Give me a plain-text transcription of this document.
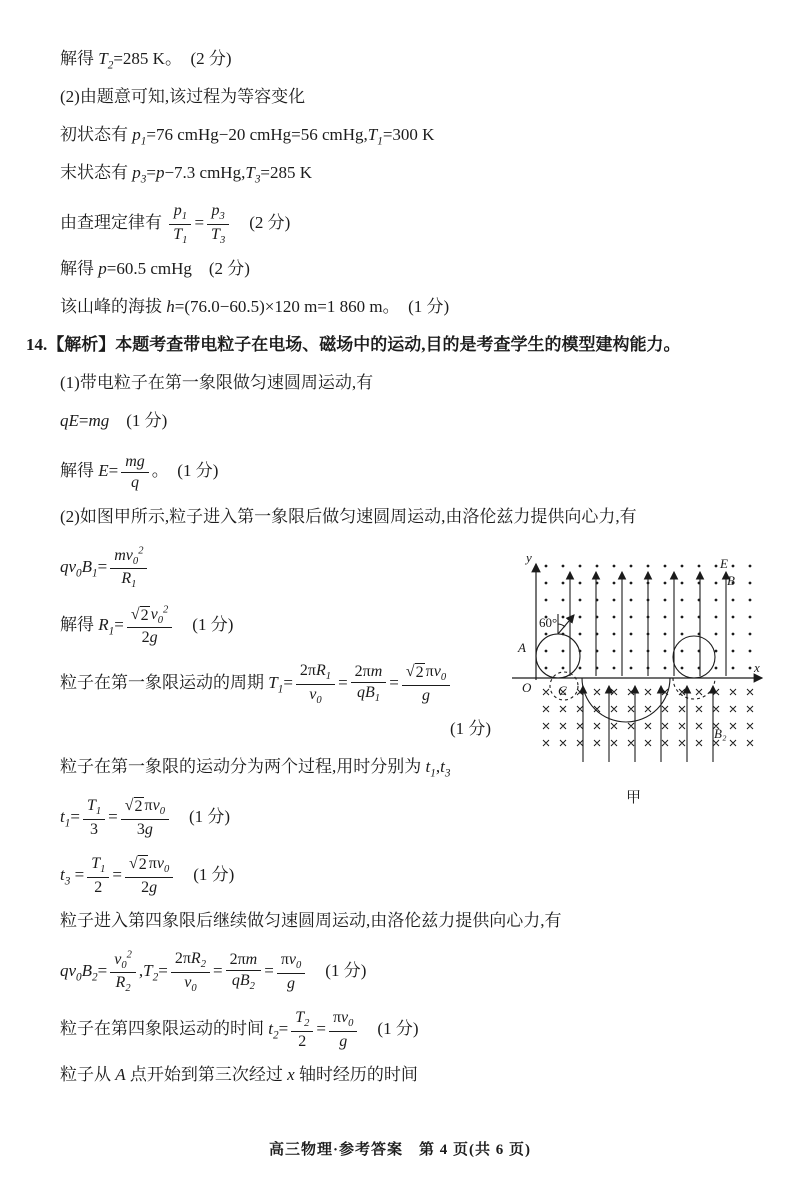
解得 $T_2=285$ K。　(2 分)
(2)由题意可知,该过程为等容变化
初状态有 $p_1=76$ cmHg−20 cmHg=56 $cmHg,T_1=300$ K
末状态有 $p_3=p-7.3$ $cmHg,T_3=285$ K
由查理定律有 $\frac{p_1}{T_1} = \frac{p_3}{T_3}$ 　(2 分)
解得 p=60.5 cmHg　(2 分)
该山峰的海拔 h=(76.0−60.5)×120 m=1 860 m。　(1 分)
14.【解析】本题考查带电粒子在电场、磁场中的运动,目的是考查学生的模型建构能力。
(1)带电粒子在第一象限做匀速圆周运动,有
qE=mg　(1 分)
解得 $E= \frac{mg}{q}$ 。　(1 分)
(2)如图甲所示,粒子进入第一象限后做匀速圆周运动,由洛伦兹力提供向心力,有
$qv_0B_1= \frac{mv_0^2}{R_1}$
解得 $R_1= \frac{√ 2 v_0^2}{2g}$ 　(1 分)
粒子在第一象限运动的周期 $T_1= \frac{2\pi R_1}{v_0} = \frac{2\pi m}{qB_1} = \frac{√ 2 \pi v_0}{g}$
(1 分)
粒子在第一象限的运动分为两个过程,用时分别为 $t_1,t_3$
$t_1= \frac{T_1}{3} = \frac{√ 2 \pi v_0}{3g}$ 　(1 分)
$t_3 = \frac{T_1}{2} = \frac{√ 2 \pi v_0}{2g}$ 　(1 分)
粒子进入第四象限后继续做匀速圆周运动,由洛伦兹力提供向心力,有
$qv_0B_2= \frac{v_0^2}{R_2} ,T_2= \frac{2\pi R_2}{v_0} = \frac{2\pi m}{qB_2} = \frac{\pi v_0}{g}$ 　(1 分)
粒子在第四象限运动的时间 $t_2= \frac{T_2}{2} = \frac{\pi v_0}{g}$ 　(1 分)
粒子从 A 点开始到第三次经过 x 轴时经历的时间
y
x
O
A
C
E
B
60°
B₂
甲
高三物理·参考答案　第 4 页(共 6 页)
